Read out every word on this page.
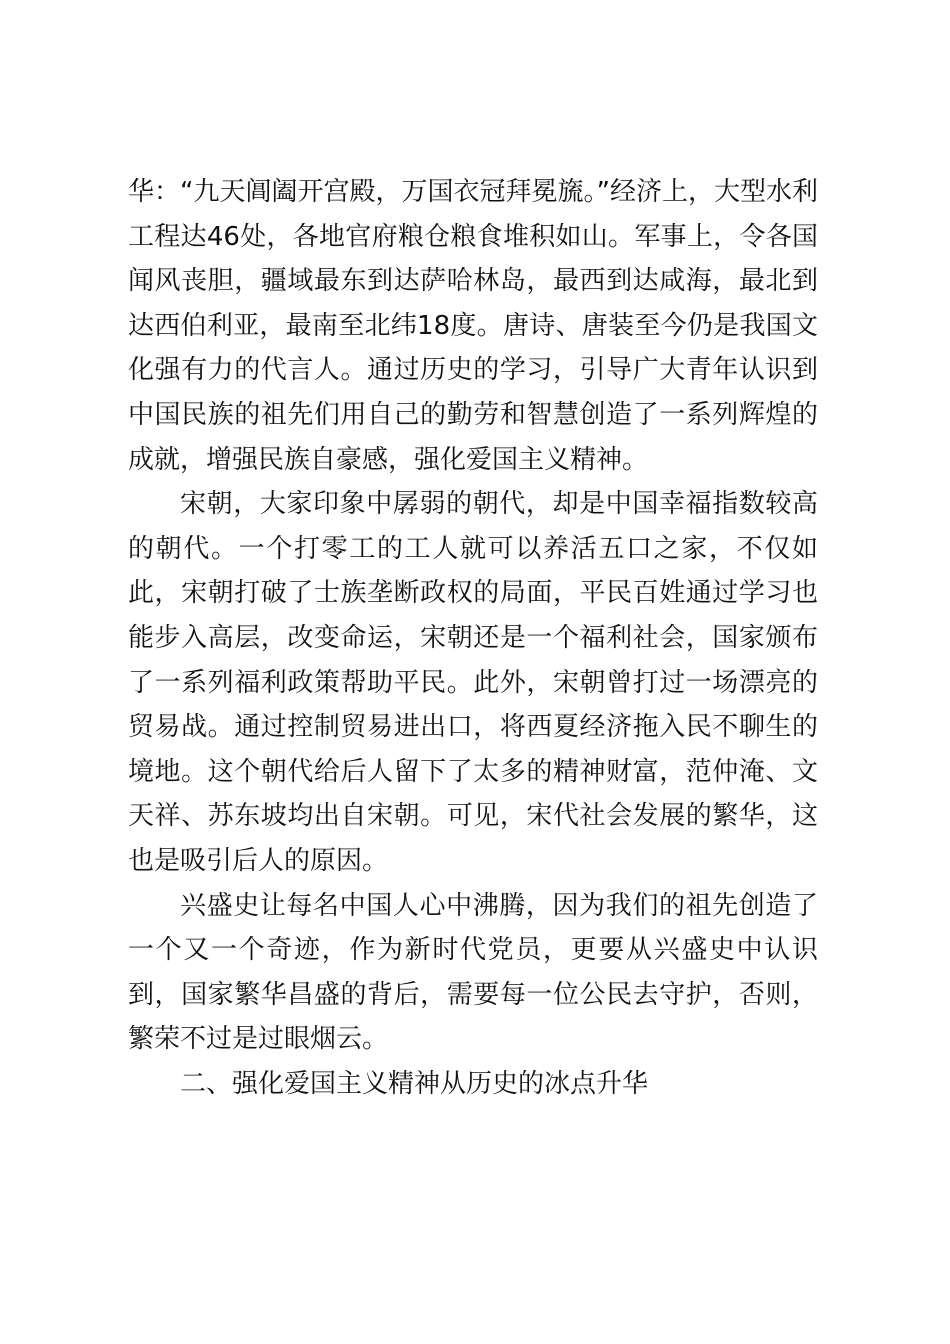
华：“九天阊阖开宫殿，万国衣冠拜冕旒。”经济上，大型水利工程达46处，各地官府粮仓粮食堆积如山。军事上，令各国闻风丧胆，疆域最东到达萨哈林岛，最西到达咸海，最北到达西伯利亚，最南至北纬18度。唐诗、唐装至今仍是我国文化强有力的代言人。通过历史的学习，引导广大青年认识到中国民族的祖先们用自己的勤劳和智慧创造了一系列辉煌的成就，增强民族自豪感，强化爱国主义精神。

宋朝，大家印象中孱弱的朝代，却是中国幸福指数较高的朝代。一个打零工的工人就可以养活五口之家，不仅如此，宋朝打破了士族垄断政权的局面，平民百姓通过学习也能步入高层，改变命运，宋朝还是一个福利社会，国家颁布了一系列福利政策帮助平民。此外，宋朝曾打过一场漂亮的贸易战。通过控制贸易进出口，将西夏经济拖入民不聊生的境地。这个朝代给后人留下了太多的精神财富，范仲淹、文天祥、苏东坡均出自宋朝。可见，宋代社会发展的繁华，这也是吸引后人的原因。

兴盛史让每名中国人心中沸腾，因为我们的祖先创造了一个又一个奇迹，作为新时代党员，更要从兴盛史中认识到，国家繁华昌盛的背后，需要每一位公民去守护，否则，繁荣不过是过眼烟云。

二、强化爱国主义精神从历史的冰点升华
